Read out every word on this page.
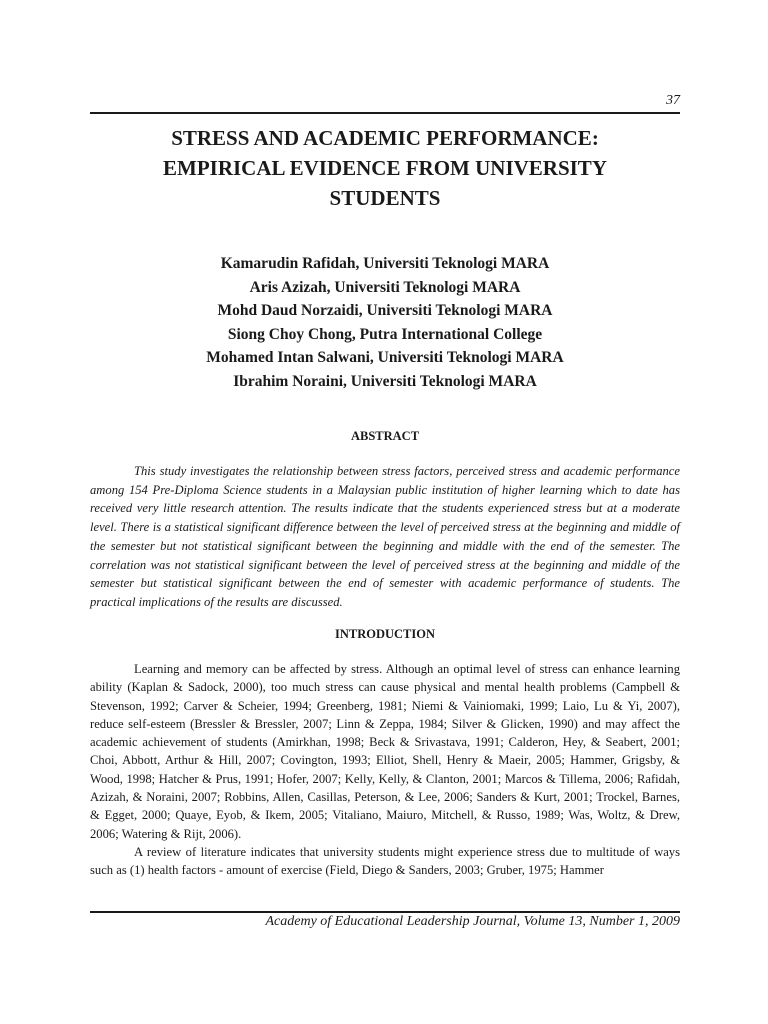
37
STRESS AND ACADEMIC PERFORMANCE:
EMPIRICAL EVIDENCE FROM UNIVERSITY
STUDENTS
Kamarudin Rafidah, Universiti Teknologi MARA
Aris Azizah, Universiti Teknologi MARA
Mohd Daud Norzaidi, Universiti Teknologi MARA
Siong Choy Chong, Putra International College
Mohamed Intan Salwani, Universiti Teknologi MARA
Ibrahim Noraini, Universiti Teknologi MARA
ABSTRACT

This study investigates the relationship between stress factors, perceived stress and academic performance among 154 Pre-Diploma Science students in a Malaysian public institution of higher learning which to date has received very little research attention. The results indicate that the students experienced stress but at a moderate level. There is a statistical significant difference between the level of perceived stress at the beginning and middle of the semester but not statistical significant between the beginning and middle with the end of the semester. The correlation was not statistical significant between the level of perceived stress at the beginning and middle of the semester but statistical significant between the end of semester with academic performance of students. The practical implications of the results are discussed.

INTRODUCTION

Learning and memory can be affected by stress. Although an optimal level of stress can enhance learning ability (Kaplan & Sadock, 2000), too much stress can cause physical and mental health problems (Campbell & Stevenson, 1992; Carver & Scheier, 1994; Greenberg, 1981; Niemi & Vainiomaki, 1999; Laio, Lu & Yi, 2007), reduce self-esteem (Bressler & Bressler, 2007; Linn & Zeppa, 1984; Silver & Glicken, 1990) and may affect the academic achievement of students (Amirkhan, 1998; Beck & Srivastava, 1991; Calderon, Hey, & Seabert, 2001; Choi, Abbott, Arthur & Hill, 2007; Covington, 1993; Elliot, Shell, Henry & Maeir, 2005; Hammer, Grigsby, & Wood, 1998; Hatcher & Prus, 1991; Hofer, 2007; Kelly, Kelly, & Clanton, 2001; Marcos & Tillema, 2006; Rafidah, Azizah, & Noraini, 2007; Robbins, Allen, Casillas, Peterson, & Lee, 2006; Sanders & Kurt, 2001; Trockel, Barnes, & Egget, 2000; Quaye, Eyob, & Ikem, 2005; Vitaliano, Maiuro, Mitchell, & Russo, 1989; Was, Woltz, & Drew, 2006; Watering & Rijt, 2006).

A review of literature indicates that university students might experience stress due to multitude of ways such as (1) health factors - amount of exercise (Field, Diego & Sanders, 2003; Gruber, 1975; Hammer

Academy of Educational Leadership Journal, Volume 13, Number 1, 2009
